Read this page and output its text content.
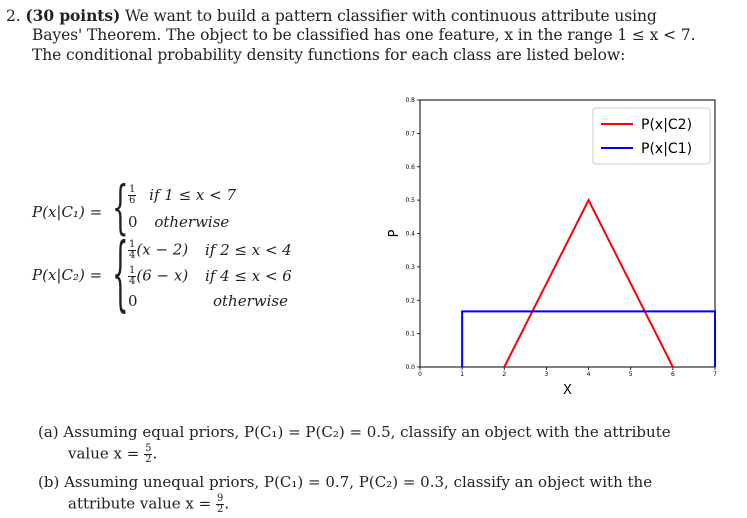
2. (30 points) We want to build a pattern classifier with continuous attribute using
Bayes' Theorem. The object to be classified has one feature, x in the range 1 ≤ x < 7.
The conditional probability density functions for each class are listed below:
P(x|C₁) = { $\frac{1}{6}$ if 1 ≤ x < 7
0 otherwise
P(x|C₂) = { $\frac{1}{4} (x - 2)$ if 2 ≤ x < 4
$\frac{1}{4} (6 - x)$ if 4 ≤ x < 6
0	otherwise
0	1	2	3	4	5	6	7
0.0
0.1
0.2
0.3
0.4
0.5
0.6
0.7
0.8
X
P
P(x|C2)
P(x|C1)
(a) Assuming equal priors, P(C₁) = P(C₂) = 0.5, classify an object with the attribute
value $x = \frac{5}{2}$ .
(b) Assuming unequal priors, P(C₁) = 0.7, P(C₂) = 0.3, classify an object with the
attribute value $x = \frac{9}{2}$ .
